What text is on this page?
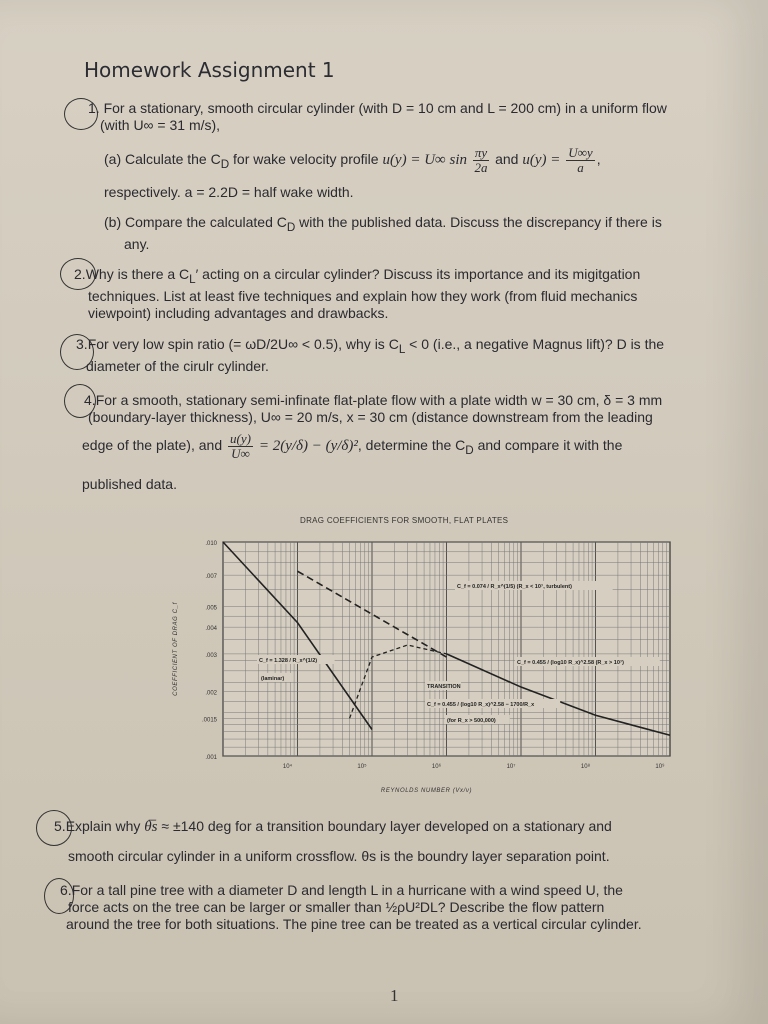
Homework Assignment 1
1. For a stationary, smooth circular cylinder (with D = 10 cm and L = 200 cm) in a uniform flow
(with U∞ = 31 m/s),
(a) Calculate the $C_D$ for wake velocity profile u(y) = U∞ $\sin \frac{\pi y}{2a}$ and $u(y) = \frac{U\infty y}{a}$ ,
respectively. a = 2.2D = half wake width.
(b) Compare the calculated $C_D$ with the published data. Discuss the discrepancy if there is
any.
2.Why is there a $C_L'$ acting on a circular cylinder? Discuss its importance and its migitgation
techniques. List at least five techniques and explain how they work (from fluid mechanics
viewpoint) including advantages and drawbacks.
3.For very low spin ratio (= ωD/2U∞ < 0.5), why is $C_L < 0$ (i.e., a negative Magnus lift)? D is the
diameter of the cirulr cylinder.
4.For a smooth, stationary semi-infinate flat-plate flow with a plate width w = 30 cm, δ = 3 mm
(boundary-layer thickness), U∞ = 20 m/s, x = 30 cm (distance downstream from the leading
edge of the plate), and $\frac{u(y)}{U\infty} = 2(y/\delta) - (y/\delta)^2$, determine the $C_D$ and compare it with the
published data.
DRAG COEFFICIENTS FOR SMOOTH, FLAT PLATES
.010
.007
.005
.004
.003
.002
.0015
.001
10⁴	10⁵	10⁶	10⁷	10⁸	10⁹
REYNOLDS NUMBER (Vx/ν)
COEFFICIENT OF DRAG C_f
C_f = 0.074 / R_x^(1/5) (R_x < 10⁷, turbulent)
C_f = 1.328 / R_x^(1/2)
(laminar)
C_f = 0.455 / (log10 R_x)^2.58 (R_x > 10⁷)
TRANSITION
C_f = 0.455 / (log10 R_x)^2.58 − 1700/R_x
(for R_x > 500,000)
5.Explain why θ̅s ≈ ±140 deg for a transition boundary layer developed on a stationary and
smooth circular cylinder in a uniform crossflow. θs is the boundry layer separation point.
6.For a tall pine tree with a diameter D and length L in a hurricane with a wind speed U, the
force acts on the tree can be larger or smaller than ½ρU²DL? Describe the flow pattern
around the tree for both situations. The pine tree can be treated as a vertical circular cylinder.
1
